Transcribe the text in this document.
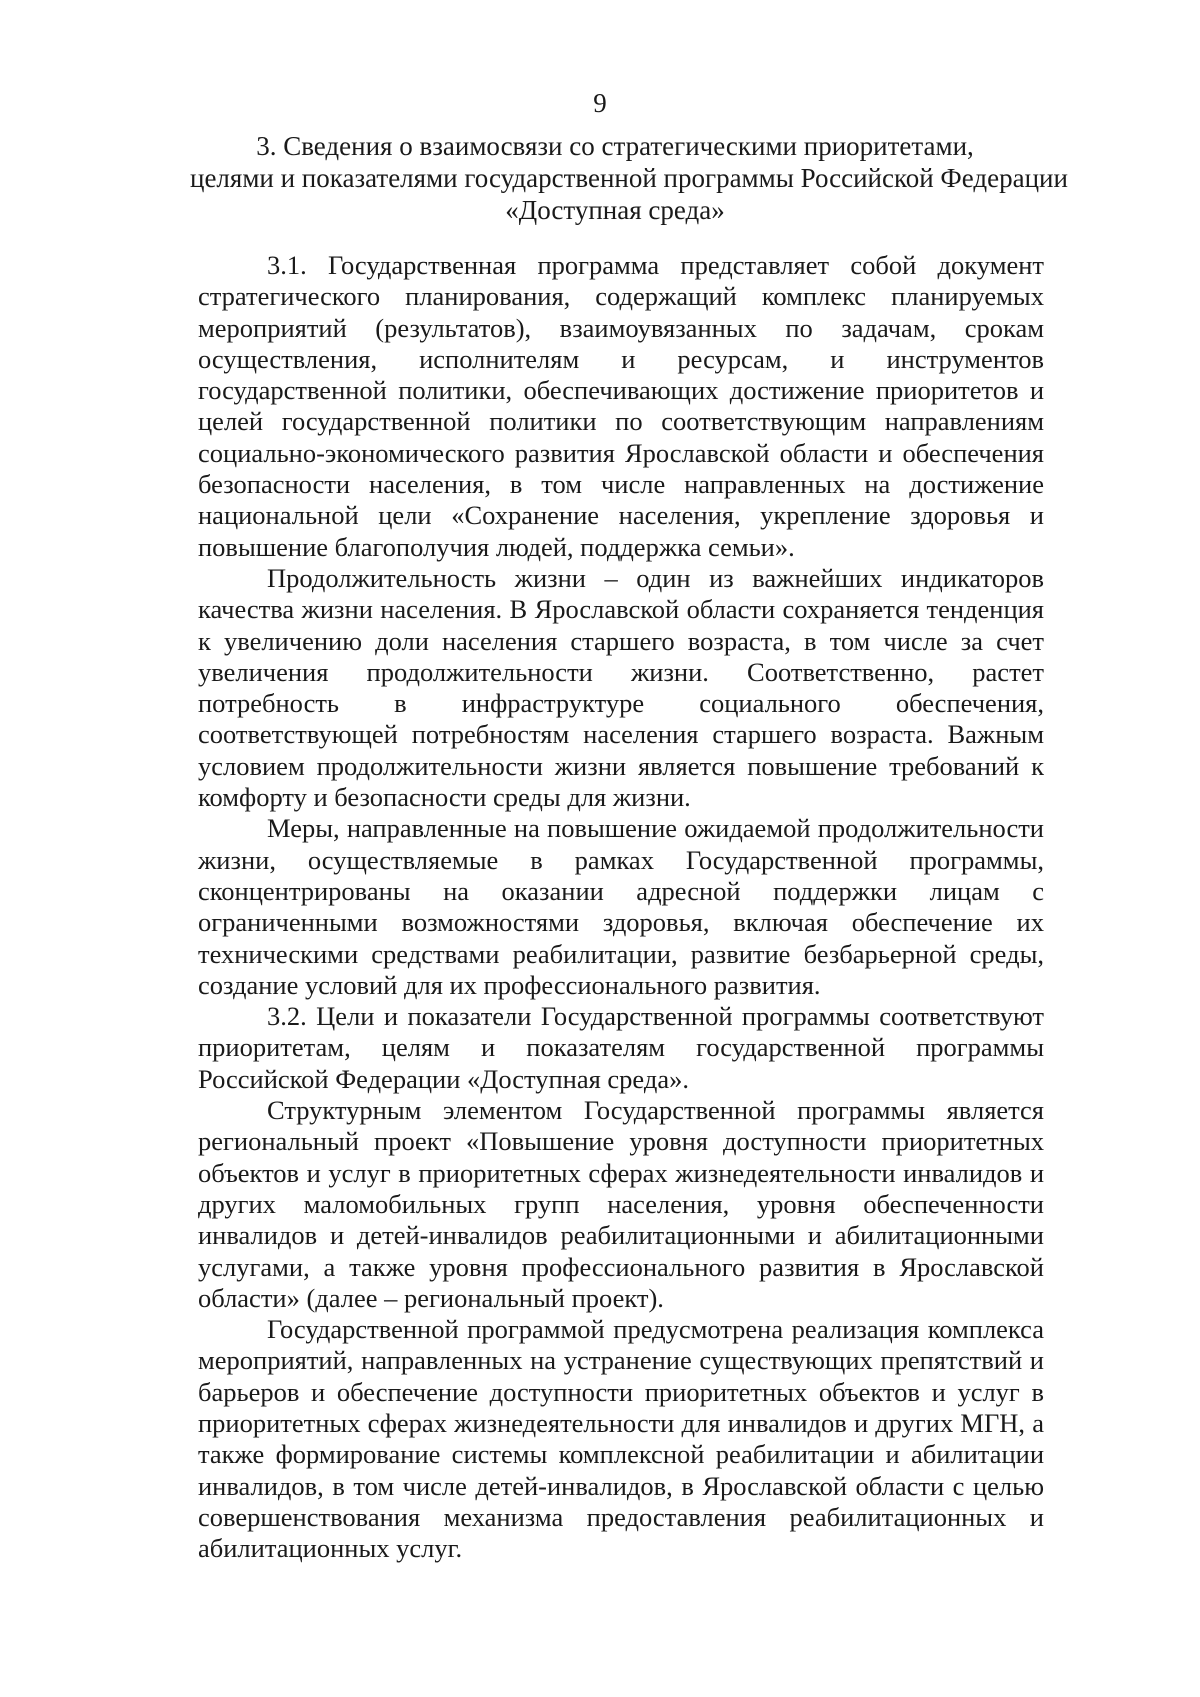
9
3. Сведения о взаимосвязи со стратегическими приоритетами,
целями и показателями государственной программы Российской Федерации
«Доступная среда»

3.1. Государственная программа представляет собой документ стратегического планирования, содержащий комплекс планируемых мероприятий (результатов), взаимоувязанных по задачам, срокам осуществления, исполнителям и ресурсам, и инструментов государственной политики, обеспечивающих достижение приоритетов и целей государственной политики по соответствующим направлениям социально-экономического развития Ярославской области и обеспечения безопасности населения, в том числе направленных на достижение национальной цели «Сохранение населения, укрепление здоровья и повышение благополучия людей, поддержка семьи».

Продолжительность жизни – один из важнейших индикаторов качества жизни населения. В Ярославской области сохраняется тенденция к увеличению доли населения старшего возраста, в том числе за счет увеличения продолжительности жизни. Соответственно, растет потребность в инфраструктуре социального обеспечения, соответствующей потребностям населения старшего возраста. Важным условием продолжительности жизни является повышение требований к комфорту и безопасности среды для жизни.

Меры, направленные на повышение ожидаемой продолжительности жизни, осуществляемые в рамках Государственной программы, сконцентрированы на оказании адресной поддержки лицам с ограниченными возможностями здоровья, включая обеспечение их техническими средствами реабилитации, развитие безбарьерной среды, создание условий для их профессионального развития.

3.2. Цели и показатели Государственной программы соответствуют приоритетам, целям и показателям государственной программы Российской Федерации «Доступная среда».

Структурным элементом Государственной программы является региональный проект «Повышение уровня доступности приоритетных объектов и услуг в приоритетных сферах жизнедеятельности инвалидов и других маломобильных групп населения, уровня обеспеченности инвалидов и детей-инвалидов реабилитационными и абилитационными услугами, а также уровня профессионального развития в Ярославской области» (далее – региональный проект).

Государственной программой предусмотрена реализация комплекса мероприятий, направленных на устранение существующих препятствий и барьеров и обеспечение доступности приоритетных объектов и услуг в приоритетных сферах жизнедеятельности для инвалидов и других МГН, а также формирование системы комплексной реабилитации и абилитации инвалидов, в том числе детей-инвалидов, в Ярославской области с целью совершенствования механизма предоставления реабилитационных и абилитационных услуг.
